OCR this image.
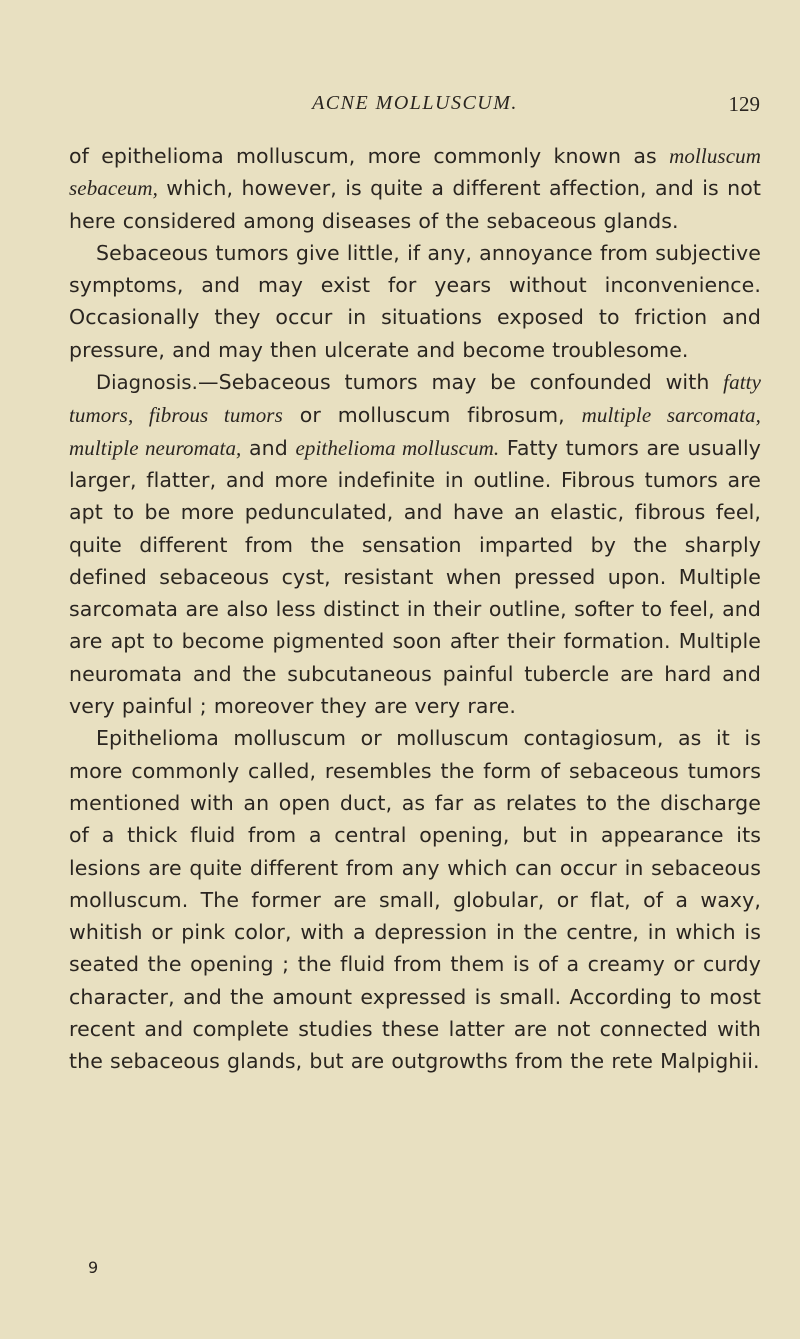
ACNE MOLLUSCUM.	129

of epithelioma molluscum, more commonly known as molluscum sebaceum, which, however, is quite a different affection, and is not here considered among diseases of the sebaceous glands.

Sebaceous tumors give little, if any, annoyance from subjective symptoms, and may exist for years without inconvenience. Occasionally they occur in situations exposed to friction and pressure, and may then ulcerate and become troublesome.

Diagnosis.—Sebaceous tumors may be confounded with fatty tumors, fibrous tumors or molluscum fibrosum, multiple sarcomata, multiple neuromata, and epithelioma molluscum. Fatty tumors are usually larger, flatter, and more indefinite in outline. Fibrous tumors are apt to be more pedunculated, and have an elastic, fibrous feel, quite different from the sensation imparted by the sharply defined sebaceous cyst, resistant when pressed upon. Multiple sarcomata are also less distinct in their outline, softer to feel, and are apt to become pigmented soon after their formation. Multiple neuromata and the subcutaneous painful tubercle are hard and very painful ; moreover they are very rare.

Epithelioma molluscum or molluscum contagiosum, as it is more commonly called, resembles the form of sebaceous tumors mentioned with an open duct, as far as relates to the discharge of a thick fluid from a central opening, but in appearance its lesions are quite different from any which can occur in sebaceous molluscum. The former are small, globular, or flat, of a waxy, whitish or pink color, with a depression in the centre, in which is seated the opening ; the fluid from them is of a creamy or curdy character, and the amount expressed is small. According to most recent and complete studies these latter are not connected with the sebaceous glands, but are outgrowths from the rete Malpighii.

9
